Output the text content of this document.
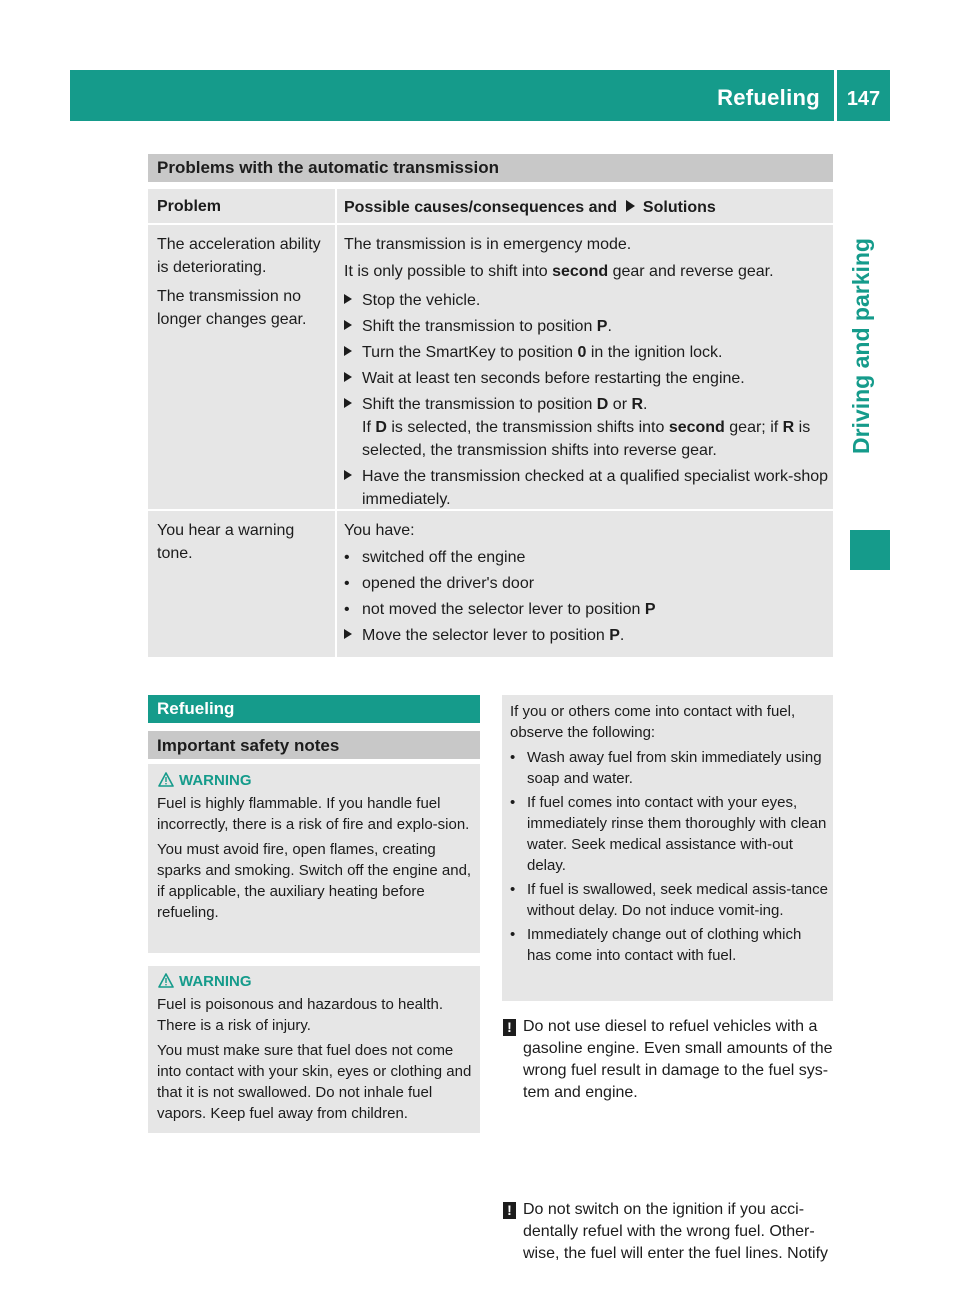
Refueling	147
Driving and parking
Problems with the automatic transmission
Problem	Possible causes/consequences and Solutions

The acceleration ability is deteriorating.

The transmission no longer changes gear.

The transmission is in emergency mode.

It is only possible to shift into second gear and reverse gear.

Stop the vehicle.
Shift the transmission to position P.
Turn the SmartKey to position 0 in the ignition lock.
Wait at least ten seconds before restarting the engine.
Shift the transmission to position D or R.
If D is selected, the transmission shifts into second gear; if R is selected, the transmission shifts into reverse gear.
Have the transmission checked at a qualified specialist work-shop immediately.
You hear a warning tone.

You have:

• switched off the engine
• opened the driver's door
• not moved the selector lever to position P
Move the selector lever to position P.
Refueling
Important safety notes
WARNING

Fuel is highly flammable. If you handle fuel incorrectly, there is a risk of fire and explo-sion.

You must avoid fire, open flames, creating sparks and smoking. Switch off the engine and, if applicable, the auxiliary heating before refueling.

WARNING

Fuel is poisonous and hazardous to health. There is a risk of injury.

You must make sure that fuel does not come into contact with your skin, eyes or clothing and that it is not swallowed. Do not inhale fuel vapors. Keep fuel away from children.

If you or others come into contact with fuel, observe the following:

• Wash away fuel from skin immediately using soap and water.
• If fuel comes into contact with your eyes, immediately rinse them thoroughly with clean water. Seek medical assistance with-out delay.
• If fuel is swallowed, seek medical assis-tance without delay. Do not induce vomit-ing.
• Immediately change out of clothing which has come into contact with fuel.
! Do not use diesel to refuel vehicles with a gasoline engine. Even small amounts of the wrong fuel result in damage to the fuel sys-tem and engine.
! Do not switch on the ignition if you acci-dentally refuel with the wrong fuel. Other-wise, the fuel will enter the fuel lines. Notify
